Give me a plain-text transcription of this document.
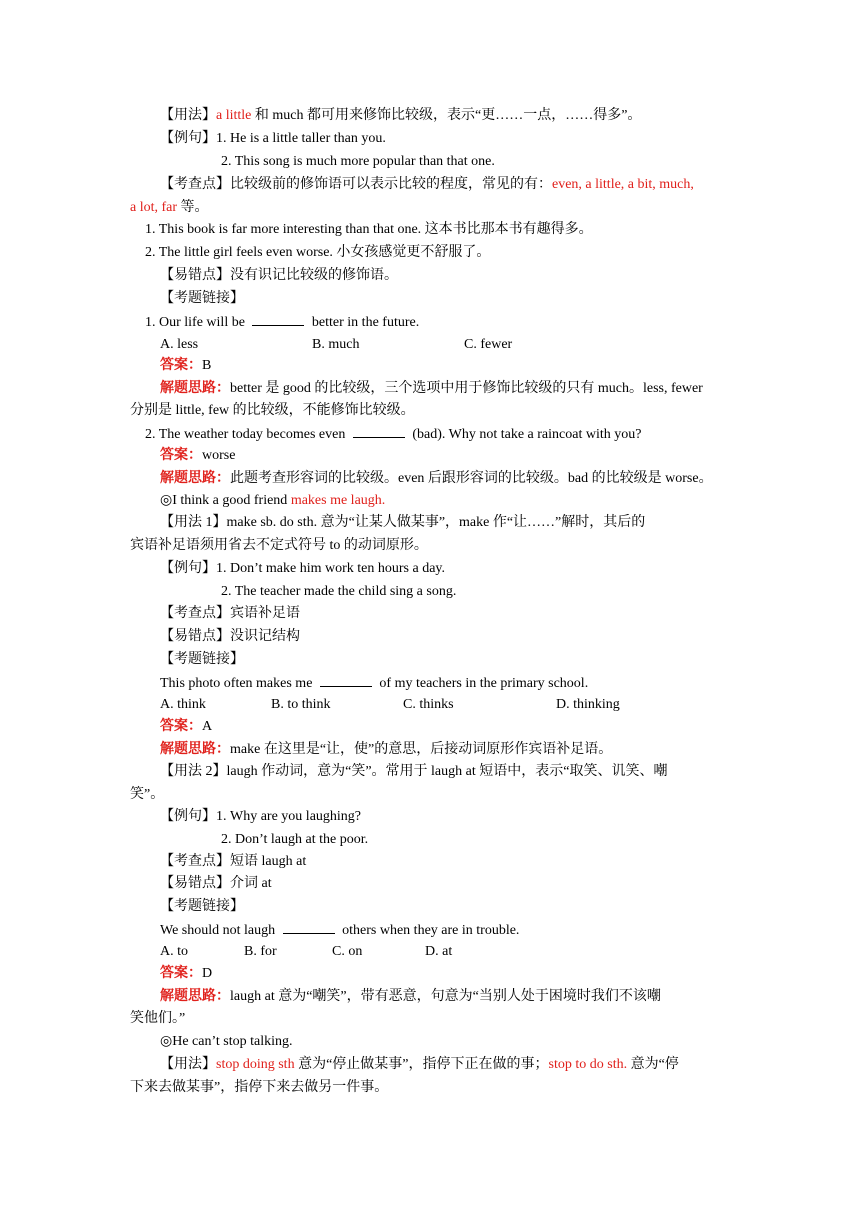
【用法】a little 和 much 都可用来修饰比较级，表示“更……一点，……得多”。
【例句】1. He is a little taller than you.
2. This song is much more popular than that one.
【考查点】比较级前的修饰语可以表示比较的程度，常见的有：even, a little, a bit, much,
a lot, far 等。
1. This book is far more interesting than that one. 这本书比那本书有趣得多。
2. The little girl feels even worse. 小女孩感觉更不舒服了。
【易错点】没有识记比较级的修饰语。
【考题链接】
1. Our life will be	better in the future.
A. less	B. much	C. fewer
答案：B
解题思路：better 是 good 的比较级，三个选项中用于修饰比较级的只有 much。less, fewer
分别是 little, few 的比较级，不能修饰比较级。
2. The weather today becomes even	(bad). Why not take a raincoat with you?
答案：worse
解题思路：此题考查形容词的比较级。even 后跟形容词的比较级。bad 的比较级是 worse。
◎I think a good friend makes me laugh.
【用法 1】make sb. do sth. 意为“让某人做某事”，make 作“让……”解时，其后的
宾语补足语须用省去不定式符号 to 的动词原形。
【例句】1. Don’t make him work ten hours a day.
2. The teacher made the child sing a song.
【考查点】宾语补足语
【易错点】没识记结构
【考题链接】
This photo often makes me	of my teachers in the primary school.
A. think	B. to think	C. thinks	D. thinking
答案：A
解题思路：make 在这里是“让，使”的意思，后接动词原形作宾语补足语。
【用法 2】laugh 作动词，意为“笑”。常用于 laugh at 短语中，表示“取笑、讥笑、嘲
笑”。
【例句】1. Why are you laughing?
2. Don’t laugh at the poor.
【考查点】短语 laugh at
【易错点】介词 at
【考题链接】
We should not laugh	others when they are in trouble.
A. to	B. for	C. on	D. at
答案：D
解题思路：laugh at 意为“嘲笑”，带有恶意，句意为“当别人处于困境时我们不该嘲
笑他们。”
◎He can’t stop talking.
【用法】stop doing sth 意为“停止做某事”，指停下正在做的事；stop to do sth. 意为“停
下来去做某事”，指停下来去做另一件事。
